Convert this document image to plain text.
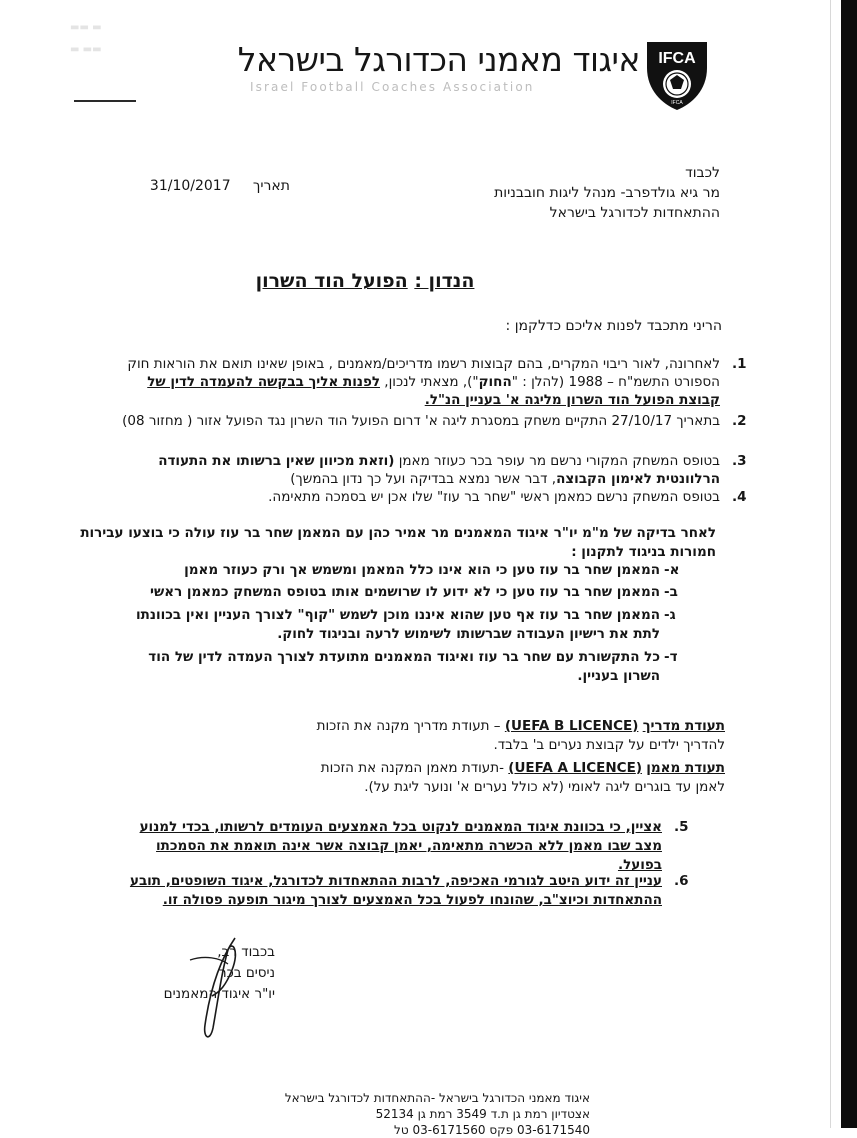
▬▬ ▬
▬ ▬▬	איגוד מאמני הכדורגל בישראל
Israel Football Coaches Association
IFCA
IFCA
לכבוד
מר גיא גולדפרב- מנהל ליגות חובבניות
ההתאחדות לכדורגל בישראל
תאריך     31/10/2017
הנדון : הפועל הוד השרון
הריני מתכבד לפנות אליכם כדלקמן :
1.
לאחרונה, לאור ריבוי המקרים, בהם קבוצות רשמו מדריכים/מאמנים , באופן שאינו תואם את הוראות חוק הספורט התשמ"ח – 1988 (להלן : "החוק"), מצאתי לנכון, לפנות אליך בבקשה להעמדה לדין של קבוצת הפועל הוד השרון מליגה א' בעניין הנ"ל.
2.
בתאריך 27/10/17 התקיים משחק במסגרת ליגה א' דרום הפועל הוד השרון נגד הפועל אזור ( מחזור 08)
3.
בטופס המשחק המקורי נרשם מר עופר בכר כעוזר מאמן (וזאת מכיוון שאין ברשותו את התעודה הרלוונטית לאימון הקבוצה, דבר אשר נמצא בבדיקה ועל כך נדון בהמשך)
4.
בטופס המשחק נרשם כמאמן ראשי "שחר בר עוז" שלו אכן יש בסמכה מתאימה.
לאחר בדיקה של מ"מ יו"ר איגוד המאמנים מר אמיר כהן עם המאמן שחר בר עוז עולה כי בוצעו עבירות חמורות בניגוד לתקנון :
א-
המאמן שחר בר עוז טען כי הוא אינו כלל המאמן ומשמש אך ורק כעוזר מאמן
ב-
המאמן שחר בר עוז טען כי לא ידוע לו שרושמים אותו בטופס המשחק כמאמן ראשי
ג-
המאמן שחר בר עוז אף טען שהוא איננו מוכן לשמש "קוף" לצורך העניין ואין בכוונתו לתת את רישיון העבודה שברשותו לשימוש לרעה ובניגוד לחוק.
ד-
כל התקשורת עם שחר בר עוז ואיגוד המאמנים מתועדת לצורך העמדה לדין של הוד השרון בעניין.
תעודת מדריך (UEFA B LICENCE) – תעודת מדריך מקנה את הזכות להדריך ילדים על קבוצת נערים ב' בלבד.
תעודת מאמן (UEFA A LICENCE) -תעודת מאמן המקנה את הזכות לאמן עד בוגרים ליגה לאומי (לא כולל נערים א' ונוער ליגת על).
5.
אציין, כי בכוונת איגוד המאמנים לנקוט בכל האמצעים העומדים לרשותו, בכדי למנוע מצב שבו מאמן ללא הכשרה מתאימה, יאמן קבוצה אשר אינה תואמת את הסמכתו בפועל.
6.
עניין זה ידוע היטב לגורמי האכיפה, לרבות ההתאחדות לכדורגל, איגוד השופטים, תובע ההתאחדות וכיוצ"ב, שהונחו לפעול בכל האמצעים לצורך מיגור תופעה פסולה זו.
בכבוד רב,
ניסים בכר
יו"ר איגוד המאמנים
איגוד מאמני הכדורגל בישראל -ההתאחדות לכדורגל בישראל
אצטדיון רמת גן ת.ד 3549 רמת גן 52134
03-6171540 פקס 03-6171560 טל
